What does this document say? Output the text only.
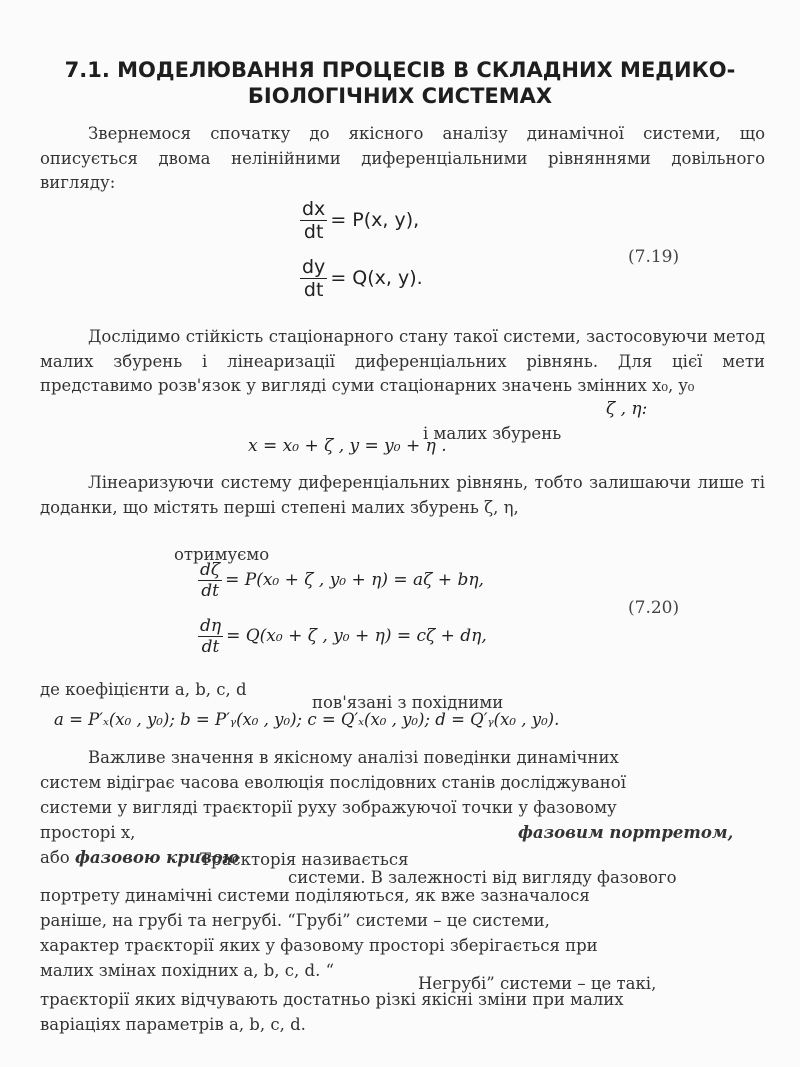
7.1. МОДЕЛЮВАННЯ ПРОЦЕСІВ В СКЛАДНИХ МЕДИКО-
БІОЛОГІЧНИХ СИСТЕМАХ
Звернемося спочатку до якісного аналізу динамічної системи, що описується двома нелінійними диференціальними рівняннями довільного вигляду:
$\frac{dx}{dt} = P(x$, y),
$\frac{dy}{dt} = Q(x$, y).
(7.19)
Дослідимо стійкість стаціонарного стану такої системи, застосовуючи метод малих збурень і лінеаризації диференціальних рівнянь. Для цієї мети представимо розв'язок у вигляді суми стаціонарних значень змінних x₀, y₀
ζ , η:
і малих збурень
x = x₀ + ζ , y = y₀ + η .
Лінеаризуючи систему диференціальних рівнянь, тобто залишаючи лише ті доданки, що містять перші степені малих збурень ζ, η,
отримуємо
$\frac{d\zeta}{dt} = P(x_0 + \zeta$ , y₀ + η) = aζ + bη,
$\frac{d\eta}{dt} = Q(x_0 + \zeta$ , y₀ + η) = cζ + dη,
(7.20)
де коефіцієнти a, b, c, d
пов'язані з похідними
a = P′ₓ(x₀ , y₀); b = P′ᵧ(x₀ , y₀); c = Q′ₓ(x₀ , y₀); d = Q′ᵧ(x₀ , y₀).
Важливе значення в якісному аналізі поведінки динамічних
систем відіграє часова еволюція послідовних станів досліджуваної
системи у вигляді траєкторії руху зображуючої точки у фазовому
просторі x,	фазовим портретом,
або фазовою кривою
Траєкторія називається
системи. В залежності від вигляду фазового
портрету динамічні системи поділяються, як вже зазначалося
раніше, на грубі та негрубі. “Грубі” системи – це системи,
характер траєкторії яких у фазовому просторі зберігається при
малих змінах похідних a, b, c, d. “
Негрубі” системи – це такі,
траєкторії яких відчувають достатньо різкі якісні зміни при малих
варіаціях параметрів a, b, c, d.
